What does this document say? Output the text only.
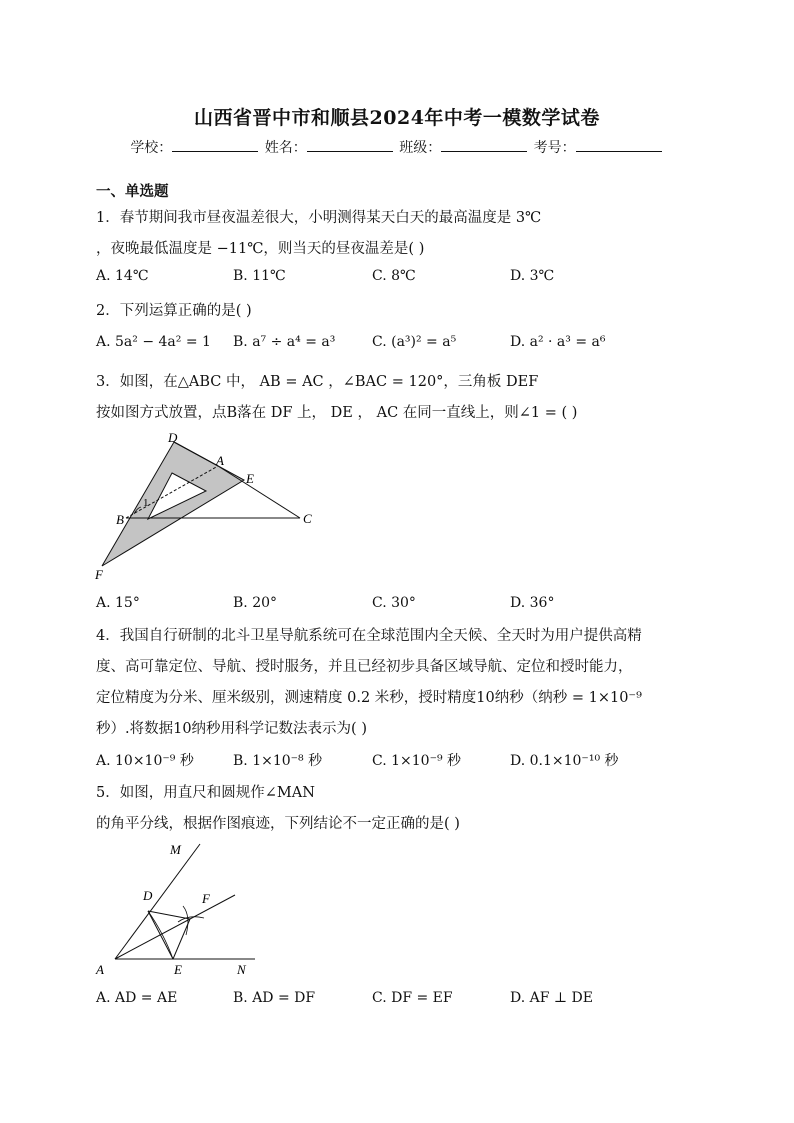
山西省晋中市和顺县2024年中考一模数学试卷
学校：	姓名：	班级：	考号：
一、单选题
1．春节期间我市昼夜温差很大，小明测得某天白天的最高温度是 3℃
，夜晚最低温度是 −11℃，则当天的昼夜温差是( )
A. 14℃	B. 11℃	C. 8℃	D. 3℃
2．下列运算正确的是( )
A. 5a² − 4a² = 1 B. a⁷ ÷ a⁴ = a³	C. (a³)² = a⁵	D. a² · a³ = a⁶
3．如图，在△ABC 中， AB = AC ，∠BAC = 120°，三角板 DEF
按如图方式放置，点B落在 DF 上， DE ， AC 在同一直线上，则∠1 = ( )
D
A
E
1
B	C
F
A. 15°	B. 20°	C. 30°	D. 36°
4．我国自行研制的北斗卫星导航系统可在全球范围内全天候、全天时为用户提供高精
度、高可靠定位、导航、授时服务，并且已经初步具备区域导航、定位和授时能力，
定位精度为分米、厘米级别，测速精度 0.2 米秒，授时精度10纳秒（纳秒 = 1×10⁻⁹
秒）.将数据10纳秒用科学记数法表示为( )
A. 10×10⁻⁹ 秒	B. 1×10⁻⁸ 秒	C. 1×10⁻⁹ 秒	D. 0.1×10⁻¹⁰ 秒
5．如图，用直尺和圆规作∠MAN
的角平分线，根据作图痕迹，下列结论不一定正确的是( )
M
D	F
A	E	N
A. AD = AE	B. AD = DF	C. DF = EF	D. AF ⊥ DE
